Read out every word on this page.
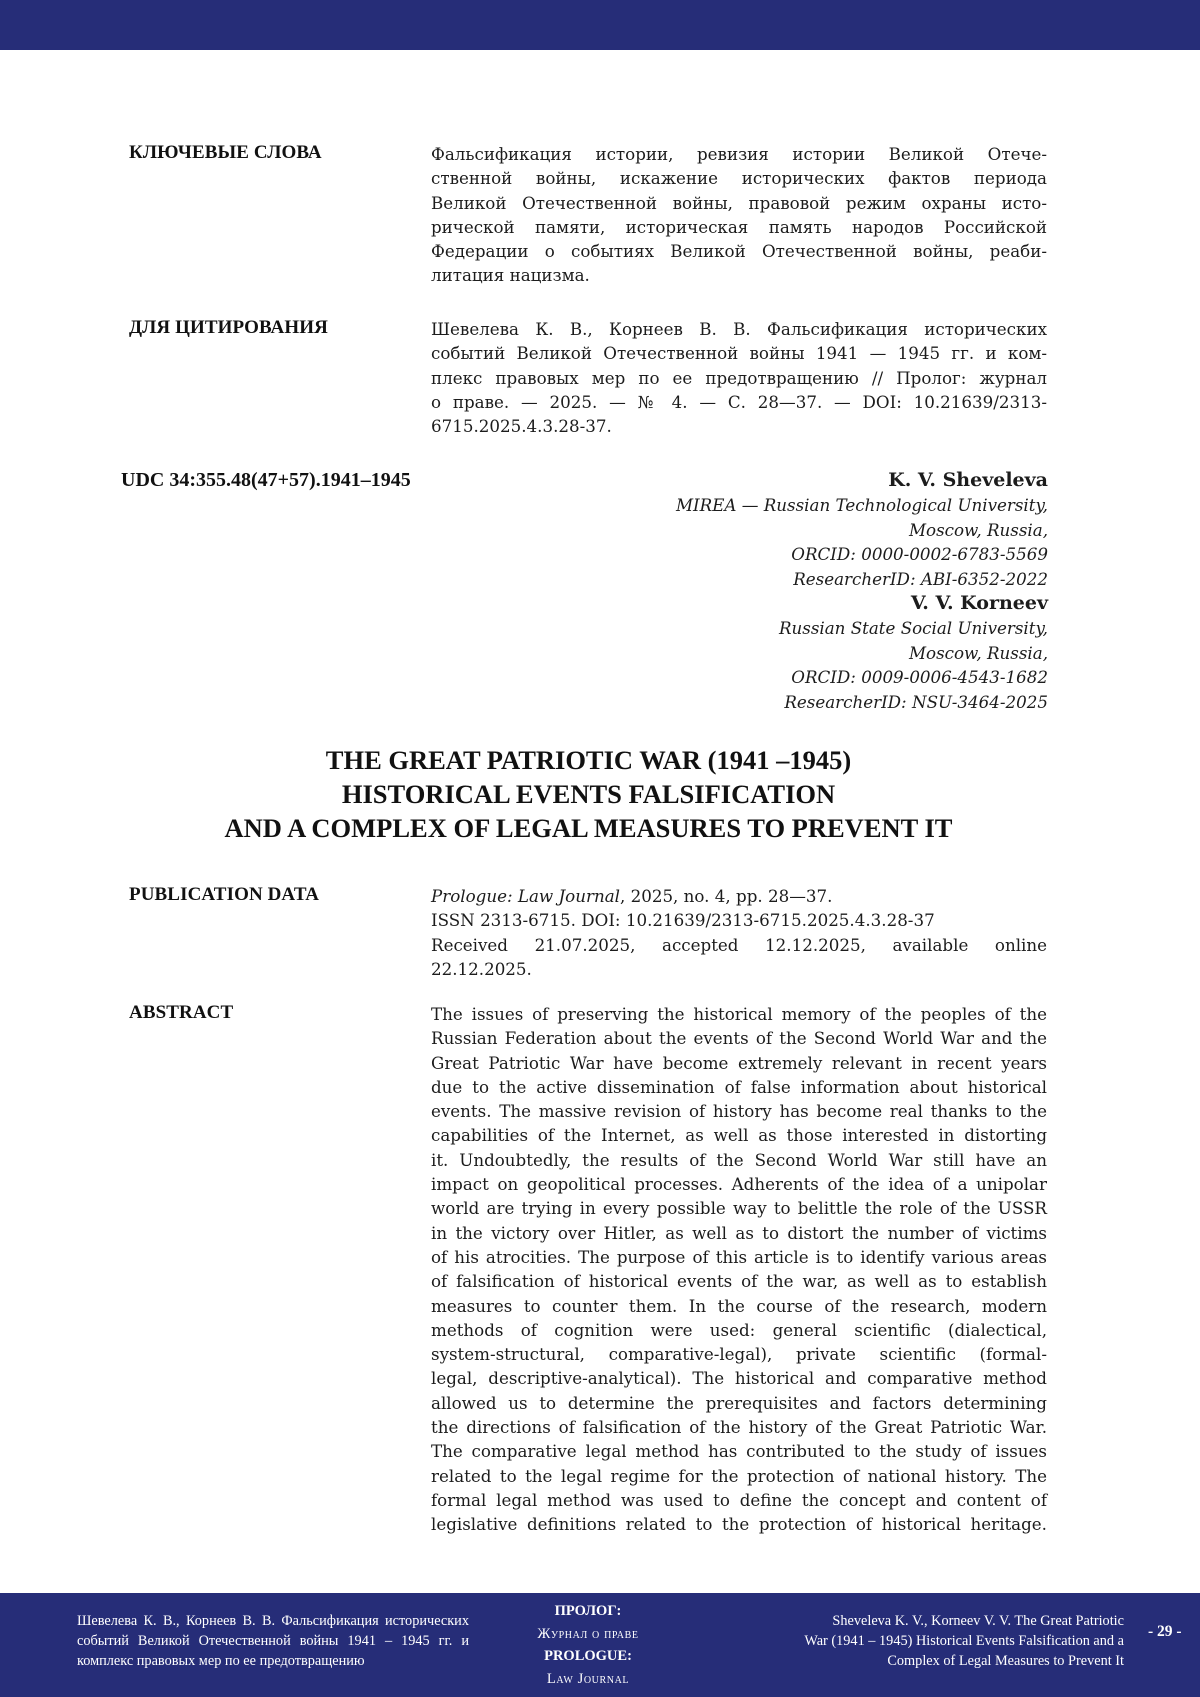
КЛЮЧЕВЫЕ СЛОВА	Фальсификация истории, ревизия истории Великой Отече-
ственной войны, искажение исторических фактов периода
Великой Отечественной войны, правовой режим охраны исто-
рической памяти, историческая память народов Российской
Федерации о событиях Великой Отечественной войны, реаби-
литация нацизма.
ДЛЯ ЦИТИРОВАНИЯ	Шевелева К. В., Корнеев В. В. Фальсификация исторических
событий Великой Отечественной войны 1941 — 1945 гг. и ком-
плекс правовых мер по ее предотвращению // Пролог: журнал
о праве. — 2025. — № 4. — С. 28—37. — DOI: 10.21639/2313-
6715.2025.4.3.28-37.
UDC 34:355.48(47+57).1941–1945	K. V. Sheveleva
MIREA — Russian Technological University,
Moscow, Russia,
ORCID: 0000-0002-6783-5569
ResearcherID: ABI-6352-2022
V. V. Korneev
Russian State Social University,
Moscow, Russia,
ORCID: 0009-0006-4543-1682
ResearcherID: NSU-3464-2025
THE GREAT PATRIOTIC WAR (1941 –1945)
HISTORICAL EVENTS FALSIFICATION
AND A COMPLEX OF LEGAL MEASURES TO PREVENT IT
PUBLICATION DATA	Prologue: Law Journal, 2025, no. 4, pp. 28—37.
ISSN 2313-6715. DOI: 10.21639/2313-6715.2025.4.3.28-37
Received 21.07.2025, accepted 12.12.2025, available online
22.12.2025.
ABSTRACT	The issues of preserving the historical memory of the peoples of the
Russian Federation about the events of the Second World War and the
Great Patriotic War have become extremely relevant in recent years
due to the active dissemination of false information about historical
events. The massive revision of history has become real thanks to the
capabilities of the Internet, as well as those interested in distorting
it. Undoubtedly, the results of the Second World War still have an
impact on geopolitical processes. Adherents of the idea of a unipolar
world are trying in every possible way to belittle the role of the USSR
in the victory over Hitler, as well as to distort the number of victims
of his atrocities. The purpose of this article is to identify various areas
of falsification of historical events of the war, as well as to establish
measures to counter them. In the course of the research, modern
methods of cognition were used: general scientific (dialectical,
system-structural, comparative-legal), private scientific (formal-
legal, descriptive-analytical). The historical and comparative method
allowed us to determine the prerequisites and factors determining
the directions of falsification of the history of the Great Patriotic War.
The comparative legal method has contributed to the study of issues
related to the legal regime for the protection of national history. The
formal legal method was used to define the concept and content of
legislative definitions related to the protection of historical heritage.
Шевелева К. В., Корнеев В. В. Фальсификация исторических
событий Великой Отечественной войны 1941 – 1945 гг. и
комплекс правовых мер по ее предотвращению
ПРОЛОГ:
Журнал о праве
PROLOGUE:
Law Journal
Sheveleva K. V., Korneev V. V. The Great Patriotic
War (1941 – 1945) Historical Events Falsification and a
Complex of Legal Measures to Prevent It
- 29 -
